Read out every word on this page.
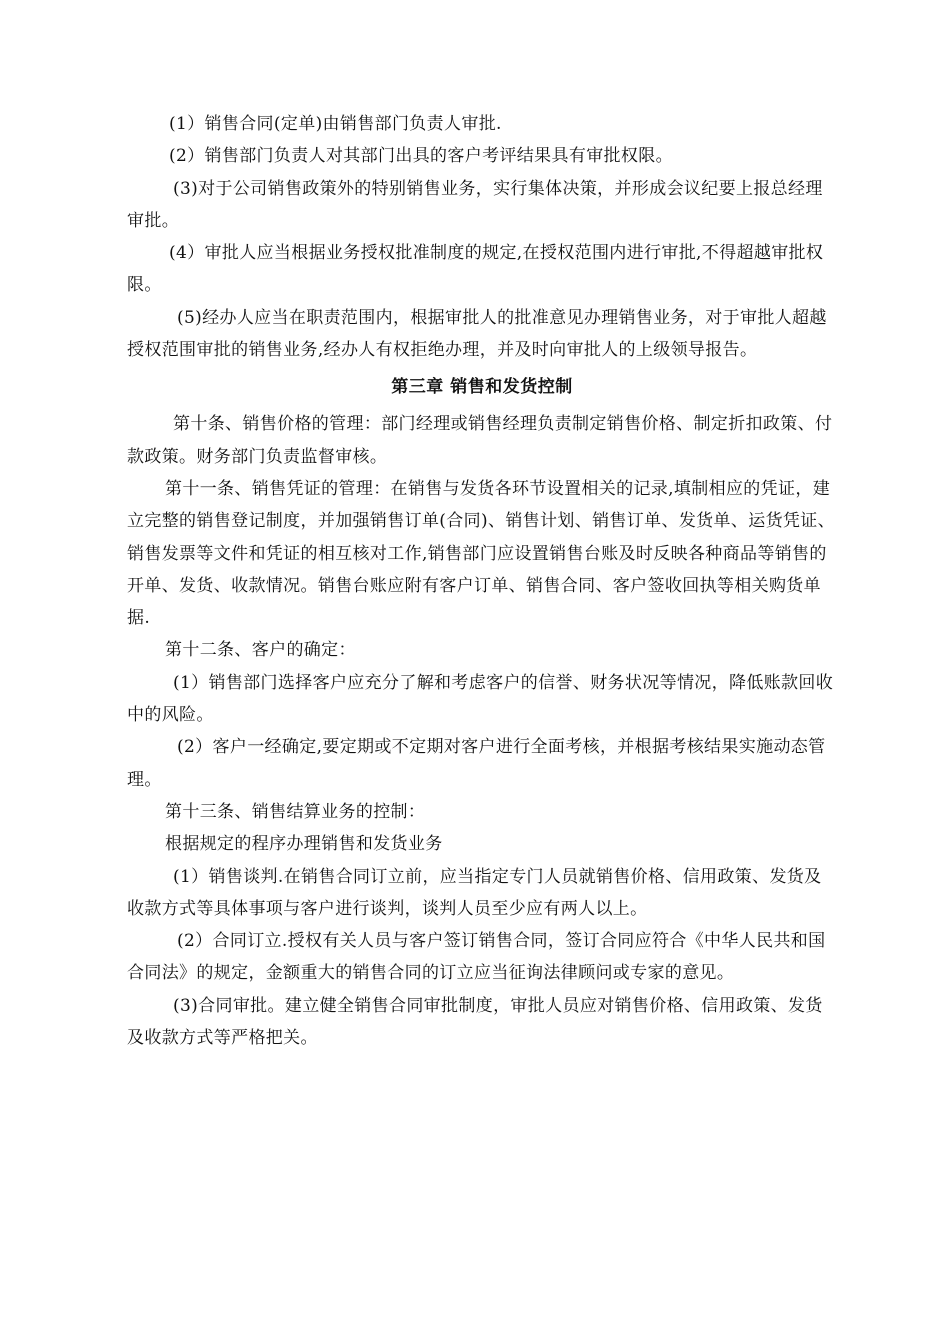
(1）销售合同(定单)由销售部门负责人审批.

(2）销售部门负责人对其部门出具的客户考评结果具有审批权限。

(3)对于公司销售政策外的特别销售业务，实行集体决策，并形成会议纪要上报总经理审批。

(4）审批人应当根据业务授权批准制度的规定,在授权范围内进行审批,不得超越审批权限。

(5)经办人应当在职责范围内，根据审批人的批准意见办理销售业务，对于审批人超越授权范围审批的销售业务,经办人有权拒绝办理，并及时向审批人的上级领导报告。

第三章 销售和发货控制

第十条、销售价格的管理：部门经理或销售经理负责制定销售价格、制定折扣政策、付款政策。财务部门负责监督审核。

第十一条、销售凭证的管理：在销售与发货各环节设置相关的记录,填制相应的凭证，建立完整的销售登记制度，并加强销售订单(合同)、销售计划、销售订单、发货单、运货凭证、销售发票等文件和凭证的相互核对工作,销售部门应设置销售台账及时反映各种商品等销售的开单、发货、收款情况。销售台账应附有客户订单、销售合同、客户签收回执等相关购货单据.

第十二条、客户的确定：

(1）销售部门选择客户应充分了解和考虑客户的信誉、财务状况等情况，降低账款回收中的风险。

(2）客户一经确定,要定期或不定期对客户进行全面考核，并根据考核结果实施动态管理。

第十三条、销售结算业务的控制：

根据规定的程序办理销售和发货业务

(1）销售谈判.在销售合同订立前，应当指定专门人员就销售价格、信用政策、发货及收款方式等具体事项与客户进行谈判，谈判人员至少应有两人以上。

(2）合同订立.授权有关人员与客户签订销售合同，签订合同应符合《中华人民共和国合同法》的规定，金额重大的销售合同的订立应当征询法律顾问或专家的意见。

(3)合同审批。建立健全销售合同审批制度，审批人员应对销售价格、信用政策、发货及收款方式等严格把关。
